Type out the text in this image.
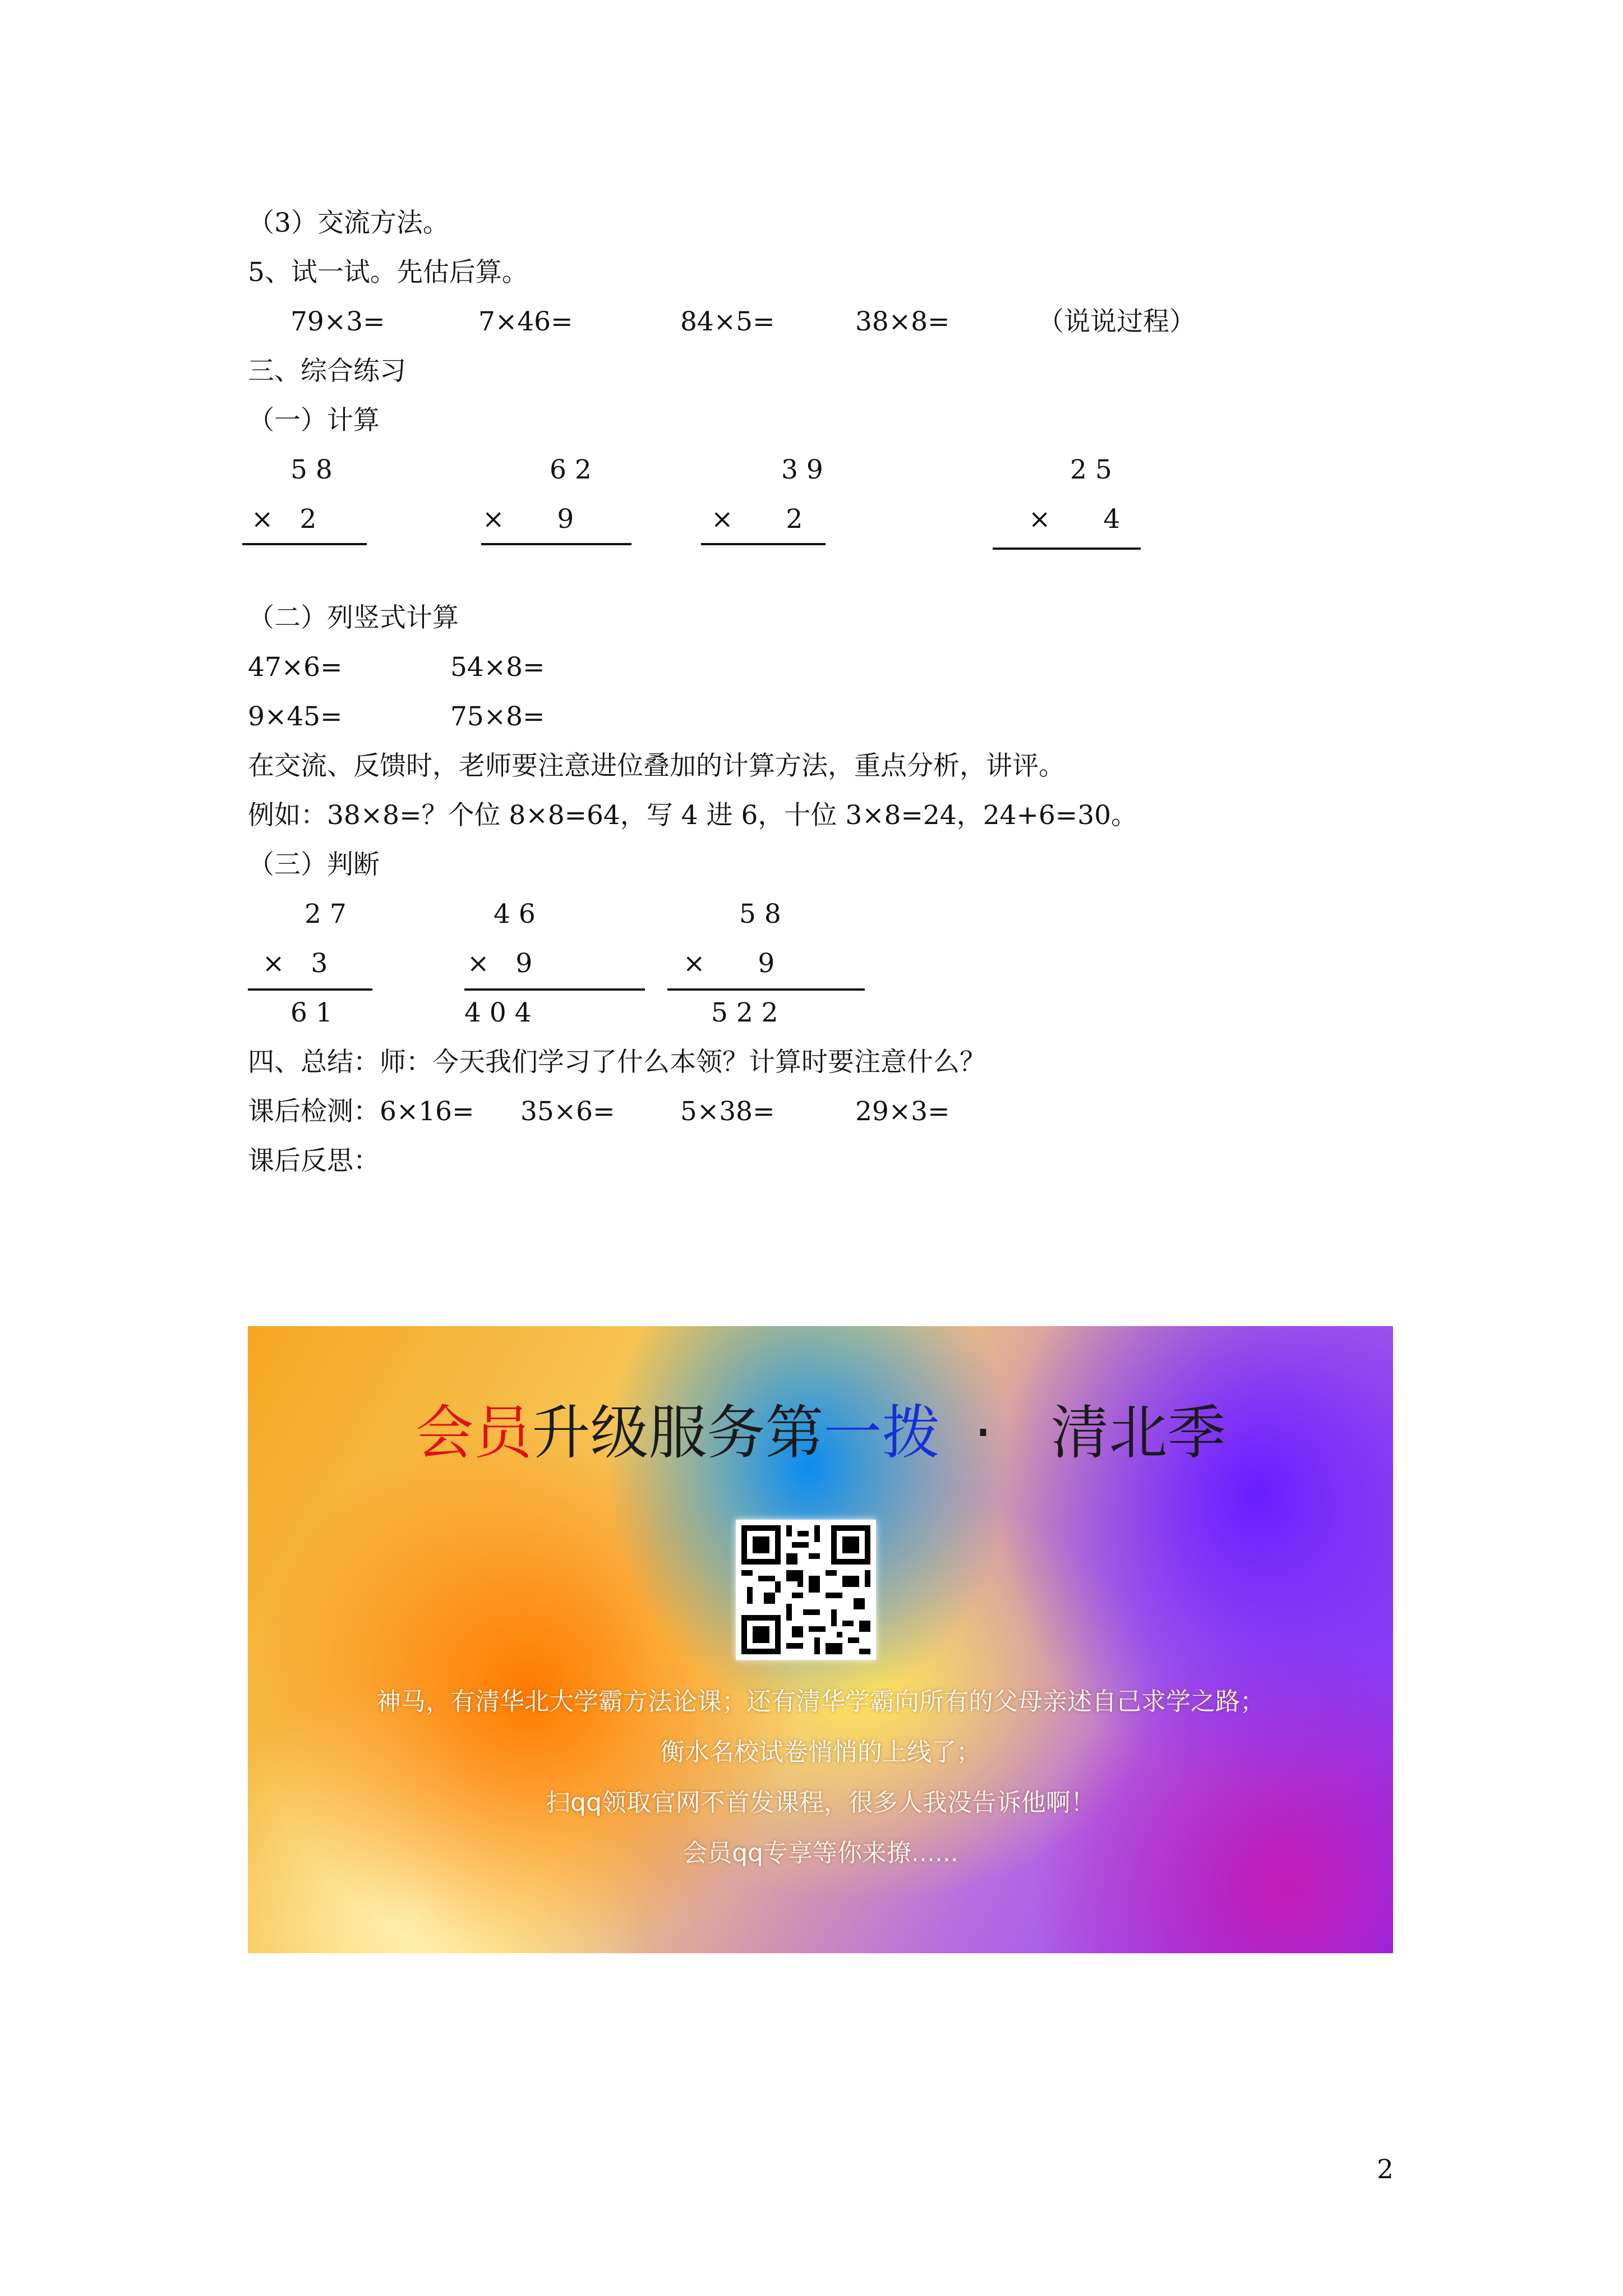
（3）交流方法。
5、试一试。先估后算。
79×3=	7×46=	84×5=	38×8=	（说说过程）
三、综合练习
（一）计算
5 8
×　2
6 2
×　　9
3 9
×　　2
2 5
×　　4
（二）列竖式计算
47×6=	54×8=
9×45=	75×8=
在交流、反馈时，老师要注意进位叠加的计算方法，重点分析，讲评。
例如：38×8=？个位 8×8=64，写 4 进 6，十位 3×8=24，24+6=30。
（三）判断
2 7
×　3
6 1
4 6
×　9
4 0 4
5 8
×　　9
5 2 2
四、总结：师：今天我们学习了什么本领？计算时要注意什么？
课后检测：6×16= 35×6= 5×38=	29×3=
课后反思：
会员升级服务第一拨 ·　清北季
神马，有清华北大学霸方法论课；还有清华学霸向所有的父母亲述自己求学之路；
衡水名校试卷悄悄的上线了；
扫qq领取官网不首发课程，很多人我没告诉他啊！
会员qq专享等你来撩......
2
